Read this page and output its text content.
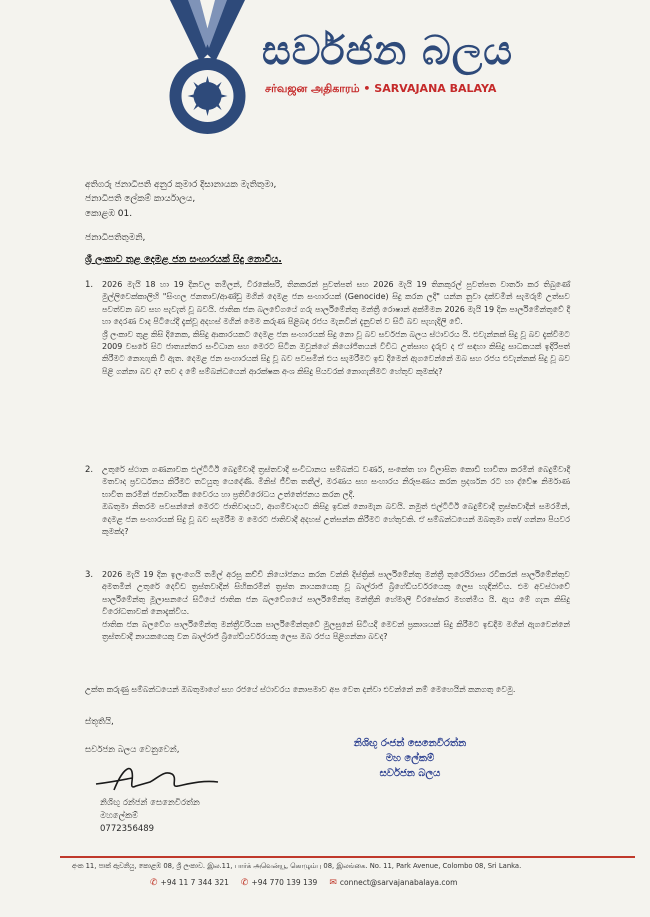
සර්වජන බලය
சர்வஜன அதிகாரம் • SARVAJANA BALAYA
අතිගරු ජනාධිපති අනුර කුමාර දිසානායක මැතිතුමා,
ජනාධිපති ලේකම් කාර්යාලය,
කොළඹ 01.
ජනාධිපතිතුමනි,
ශ්‍රී ලංකාව තුළ දෙමළ ජන සංහාරයක් සිදු නොවීය.
1. 2026 මැයි 18 හා 19 දිනවල තමිලන්, විරකේසරි, තිනකරන් පුවත්පත් සහ 2026 මැයි 19 තිනකුරල් පුවත්පත වාර්තා කර තිබුණේ මුල්ලිවෙක්කාලිහි "සිංහල ජනතාව/ආණ්ඩු මගින් දෙමළ ජන සංහාරයක් (Genocide) සිදු කරන ලදී" යන්න නුවා දක්වමින් සැමරුම් උත්සව පවත්වන බව සහ පැවැත් වූ බවයි. ජාතික ජන බලවේගයේ ගරු පාර්ලිමේන්තු මන්ත්‍රී රොෂාන් අක්මීමන 2026 මැයි 19 දින පාර්ලිමේන්තුවේ දී හා දෙරණ වාද පිටියේදී දැක්වූ අදහස් මගින් මෙම කරුණ පිළිබඳ රජය මැනවින් දැනුවත් ව සිටි බව පැහැදිලි වේ.

ශ්‍රී ලංකාව තුළ කිසි දිනෙක, කිසිදු ආකාරයකට දෙමළ ජන සංහාරයක් සිදු නො වූ බව සර්වජන බලය ස්ථාවරය යි. එවැන්නක් සිදු වූ බව දැක්වීමට 2009 වසරේ සිට ජාත්‍යන්තර සංවිධාන සහ මෙරට සිටින ඔවුන්ගේ නියෝජිතයන් විවිධ උත්සාහ දැරුව ද ඒ සඳහා කිසිදු සාධකයක් ඉදිරිපත් කිරීමට නොහැකි වී ඇත. දෙමළ ජන සංහාරයක් සිදු වූ බව පවසමින් එය සැමරීමට ඉඩ දීමෙන් ඇගවෙන්නේ ඔබ සහ රජය එවැන්නක් සිදු වූ බව පිළි ගන්නා බව ද? තව ද මේ සම්බන්ධයෙන් ආරක්ෂක අංශ කිසිදු පියවරක් නොගැනීමට හේතුව කුමක්ද?

2. උතුරේ ස්ථාන ගණනාවක එල්ටීටීඊ බෙදුම්වාදී ත්‍රස්තවාදී සංවිධානය සම්බන්ධ වර්ණ, සංකේත හා විලාසිත කොඩි භාවිතා කරමින් බෙදුම්වාදී මතවාද ප්‍රවර්ධනය කිරීමට තටයුතු යෙදේණි. මිනිස් ජීවිත තතීල්, මරණය සහ සංහාරය නිරූපණය කරන ප්‍රදර්ශන රට හා ද්වේෂ නිර්මාණ භාවිත කරමින් ජනවාර්ගික වෛරය හා ප්‍රතිවිරෝධය උත්තේජනය කරන ලදී.

ඔබතුමා නිතරම පවසන්නේ මෙරට ජාතිවාදයට, ආගම්වාදයට කිසිදු ඉඩක් නොමැන බවයි. නමුත් එල්ටීටීඊ බෙදුම්වාදී ත්‍රස්තවාදීන් සමරමින්, දෙමළ ජන සංහාරයක් සිදු වූ බව සැමරීම ම මෙරට ජාතිවාදී අදහස් උත්සන්න කිරීමට හේතුවකි. ඒ සම්බන්ධයෙන් ඔබතුමා ගත්/ ගන්නා පියවර කුමක්ද?

3. 2026 මැයි 19 දින ඉලංගෙයි තමිල් අරසු කච්චි නියෝජනය කරන වන්නි දිස්ත්‍රික් පාර්ලිමේන්තු මන්ත්‍රී තුරෙයිරාසා රවිකරන් පාර්ලිමේන්තුව අමතමින් උතුරේ දෙවිඩ ත්‍රස්තවාදීන් සිහිකරමින් ත්‍රස්ත නායකයෙකු වූ බාල්රාජ් බ්‍රිගේඩියර්වරයෙකු ලෙස හැඳින්විය. එම අවස්ථාවේ පාර්ලිමේන්තු මූලාසනයේ සිටියේ ජාතික ජන බලවේගයේ පාර්ලිමේන්තු මන්ත්‍රීනි හේමාලි විරසේකර මහත්මිය යි. ඇය මේ ගැන කිසිදු විරෝධතාවක් නොදැක්විය.

ජාතික ජන බලවේග පාර්ලිමේන්තු මන්ත්‍රීවරියක පාර්ලිමේන්තුවේ මුලසුනේ සිටියදී මෙවන් ප්‍රකාශයක් සිදු කිරීමට ඉඩදීම මගින් ඇගවෙන්නේ ත්‍රස්තවාදී නායකයෙකු වන බාල්රාජ් බ්‍රිගේඩියර්වරයකු ලෙස ඔබ රජය පිළිගන්නා බවද?

උක්ත කරුණු සම්බන්ධයෙන් ඔබතුමාගේ සහ රජයේ ස්ථාවරය නොපමාව අප වෙත දන්වා එවන්නේ නම් මෙහෙයින් කනගතු වෙමු.
ස්තූතියි,
සර්වජන බලය වෙනුවෙන්,
නිශිඟු රන්ජන් සෙනෙවිරත්න
මහලේකම්
0772356489
නිශිඟු රංජන් සෙනෙවිරත්න
මහ ලේකම්
සර්වජන බලය
අංක 11, පාක් ඇවනියු, කොළඹ 08, ශ්‍රී ලංකාව. இல.11, பார்க் அவென்யூ, கொழும்பு 08, இலங்கை. No. 11, Park Avenue, Colombo 08, Sri Lanka.
✆ +94 11 7 344 321 ✆ +94 770 139 139 ✉ connect@sarvajanabalaya.com
